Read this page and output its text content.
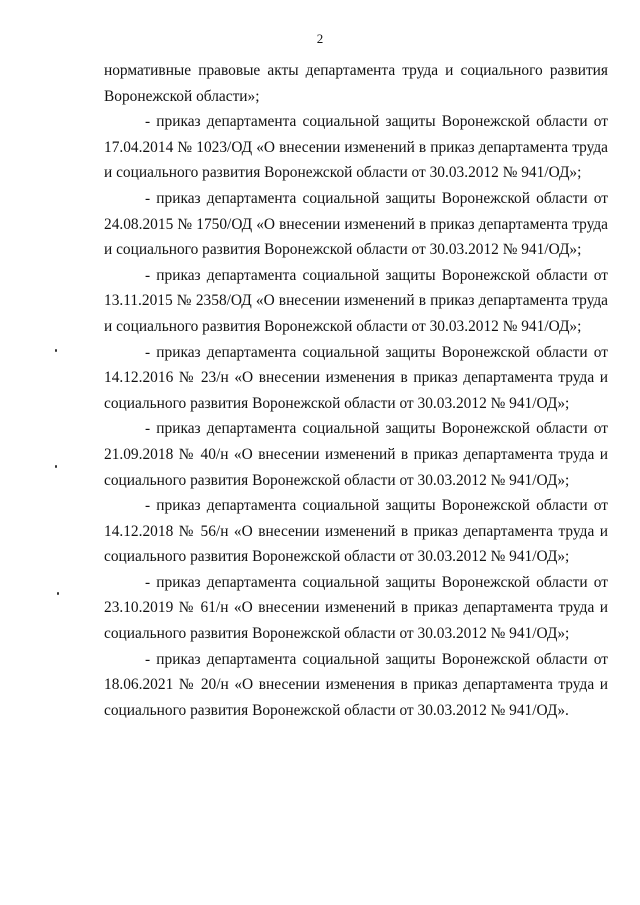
2

нормативные правовые акты департамента труда и социального развития Воронежской области»;

- приказ департамента социальной защиты Воронежской области от 17.04.2014 № 1023/ОД «О внесении изменений в приказ департамента труда и социального развития Воронежской области от 30.03.2012 № 941/ОД»;

- приказ департамента социальной защиты Воронежской области от 24.08.2015 № 1750/ОД «О внесении изменений в приказ департамента труда и социального развития Воронежской области от 30.03.2012 № 941/ОД»;

- приказ департамента социальной защиты Воронежской области от 13.11.2015 № 2358/ОД «О внесении изменений в приказ департамента труда и социального развития Воронежской области от 30.03.2012 № 941/ОД»;

- приказ департамента социальной защиты Воронежской области от 14.12.2016 № 23/н «О внесении изменения в приказ департамента труда и социального развития Воронежской области от 30.03.2012 № 941/ОД»;

- приказ департамента социальной защиты Воронежской области от 21.09.2018 № 40/н «О внесении изменений в приказ департамента труда и социального развития Воронежской области от 30.03.2012 № 941/ОД»;

- приказ департамента социальной защиты Воронежской области от 14.12.2018 № 56/н «О внесении изменений в приказ департамента труда и социального развития Воронежской области от 30.03.2012 № 941/ОД»;

- приказ департамента социальной защиты Воронежской области от 23.10.2019 № 61/н «О внесении изменений в приказ департамента труда и социального развития Воронежской области от 30.03.2012 № 941/ОД»;

- приказ департамента социальной защиты Воронежской области от 18.06.2021 № 20/н «О внесении изменения в приказ департамента труда и социального развития Воронежской области от 30.03.2012 № 941/ОД».
